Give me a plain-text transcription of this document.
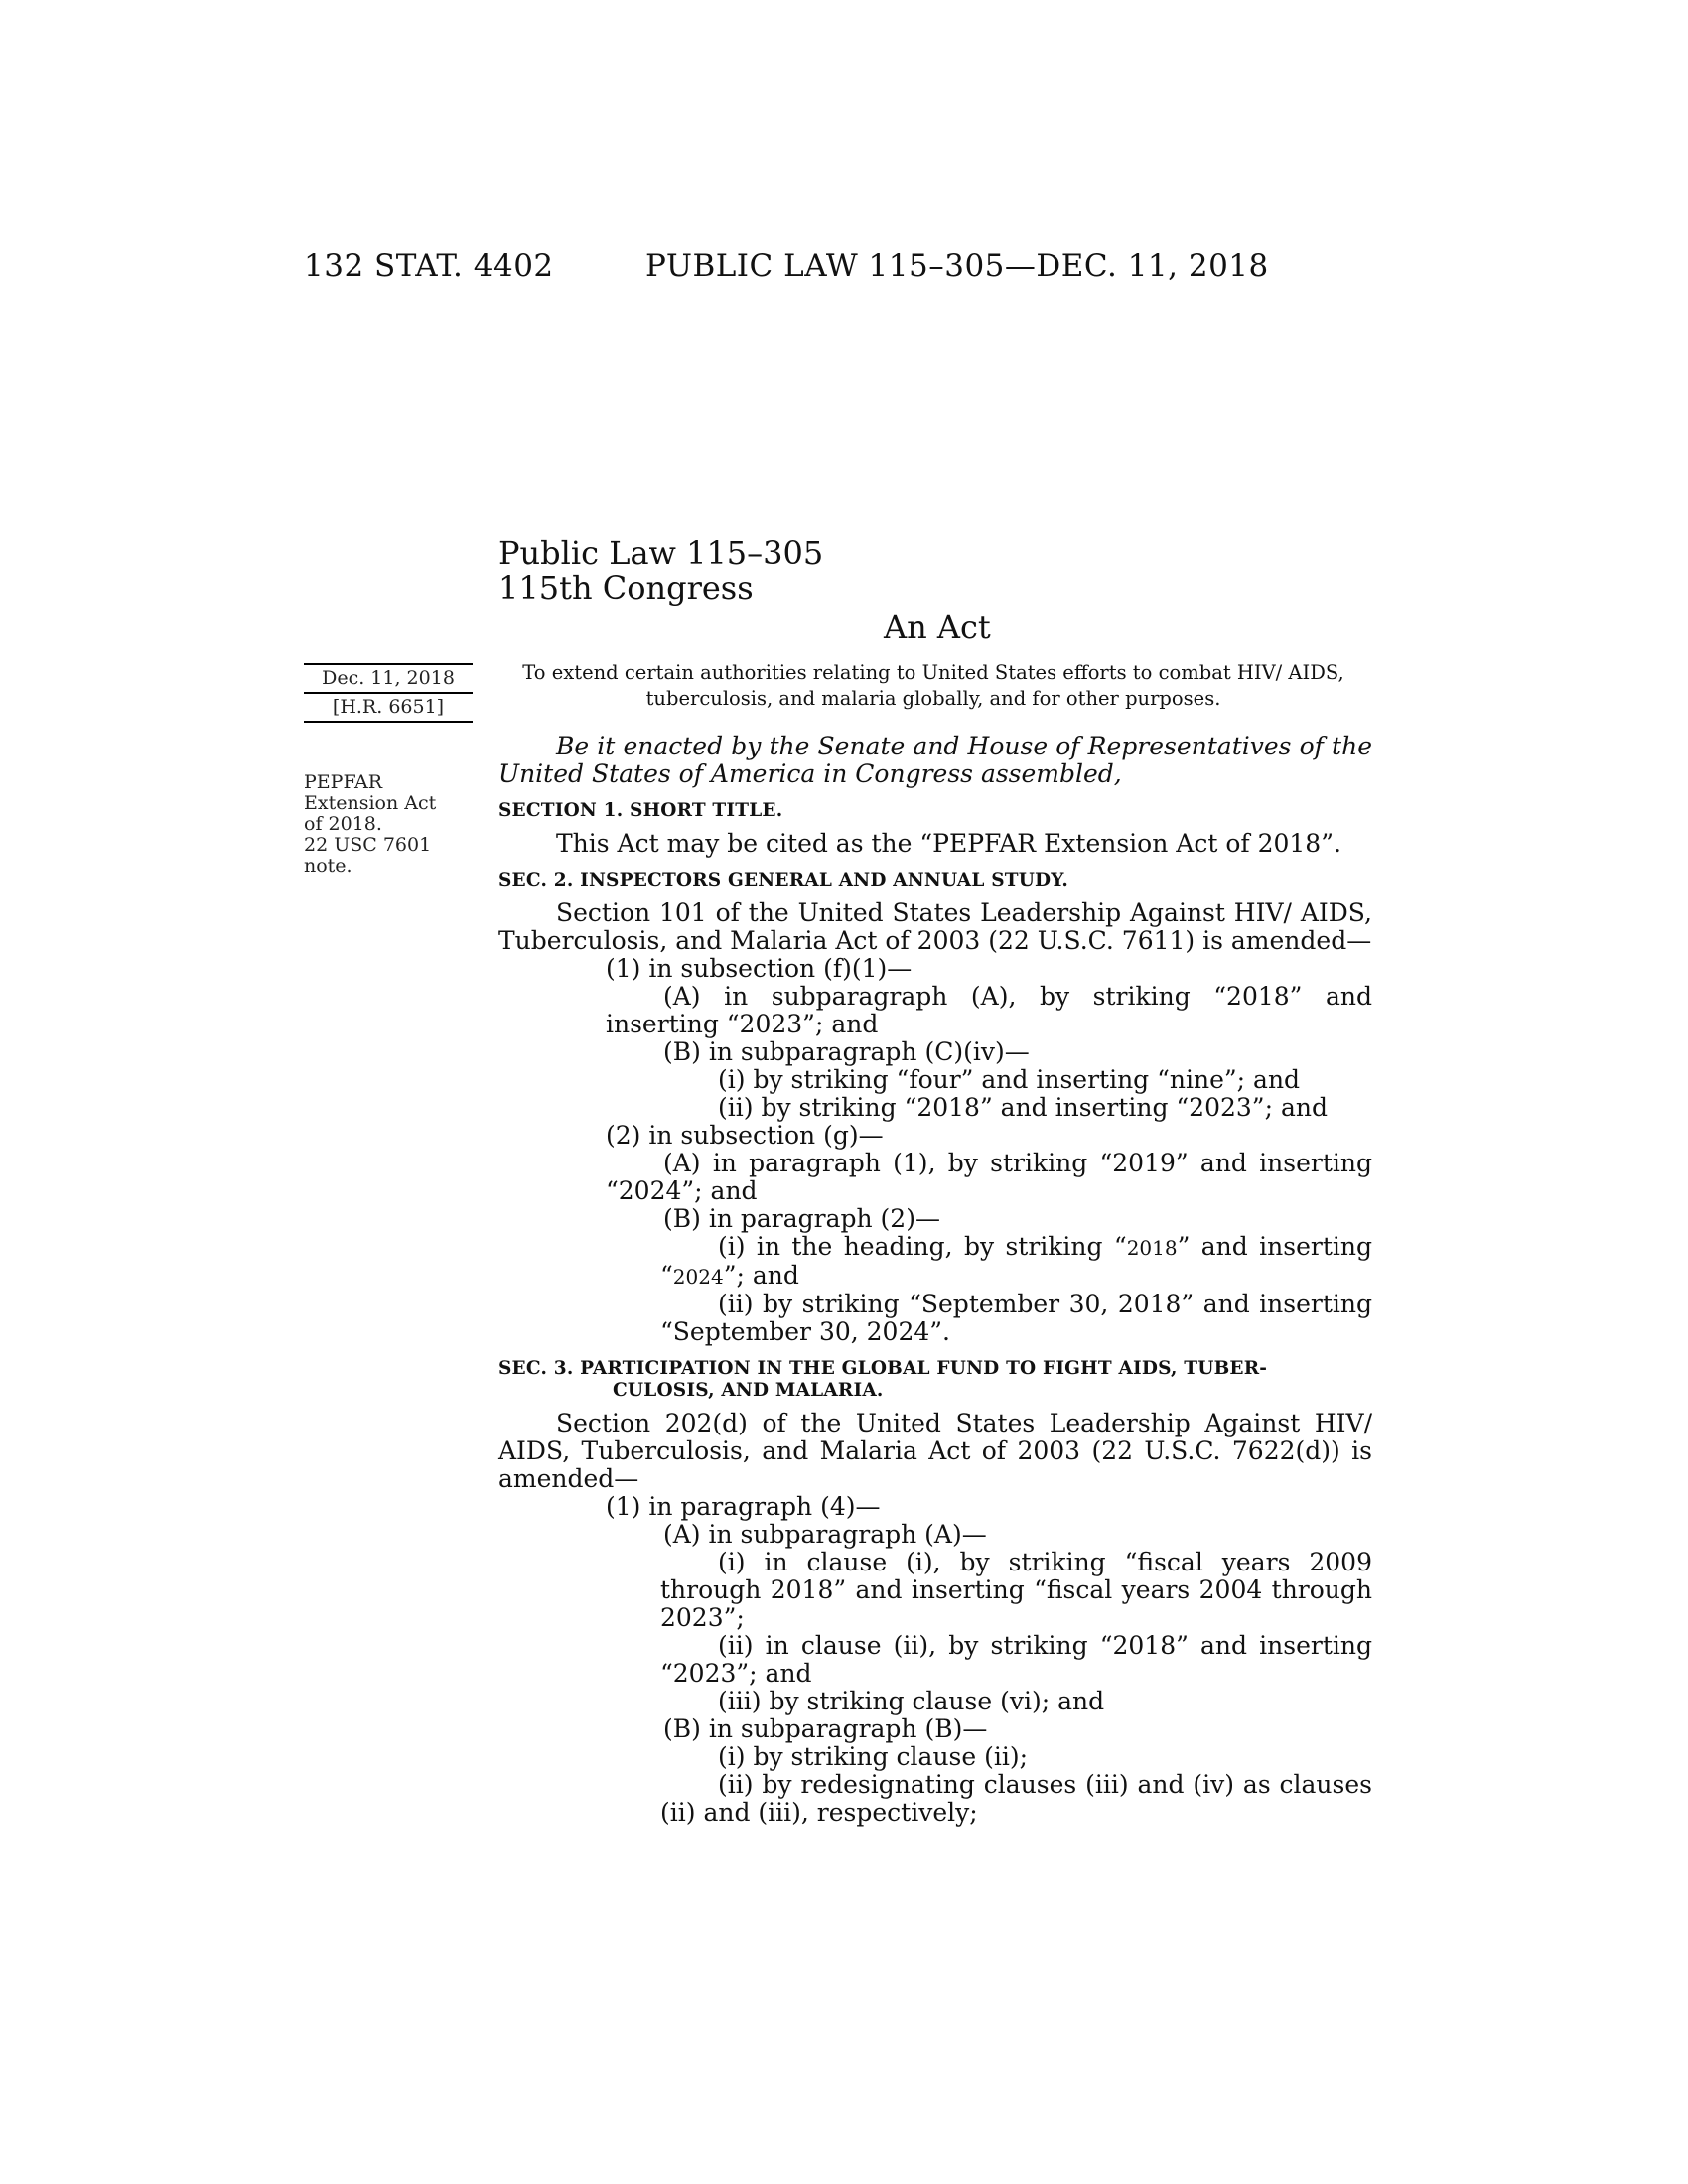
132 STAT. 4402	PUBLIC LAW 115–305—DEC. 11, 2018
Public Law 115–305
115th Congress
An Act
Dec. 11, 2018
[H.R. 6651]
PEPFAR
Extension Act
of 2018.
22 USC 7601
note.
To extend certain authorities relating to United States efforts to combat HIV/ AIDS, tuberculosis, and malaria globally, and for other purposes.

Be it enacted by the Senate and House of Representatives of the United States of America in Congress assembled,

SECTION 1. SHORT TITLE.

This Act may be cited as the “PEPFAR Extension Act of 2018”.

SEC. 2. INSPECTORS GENERAL AND ANNUAL STUDY.

Section 101 of the United States Leadership Against HIV/ AIDS, Tuberculosis, and Malaria Act of 2003 (22 U.S.C. 7611) is amended—

(1) in subsection (f)(1)—

(A) in subparagraph (A), by striking “2018” and inserting “2023”; and

(B) in subparagraph (C)(iv)—

(i) by striking “four” and inserting “nine”; and

(ii) by striking “2018” and inserting “2023”; and

(2) in subsection (g)—

(A) in paragraph (1), by striking “2019” and inserting “2024”; and

(B) in paragraph (2)—

(i) in the heading, by striking “2018” and inserting “2024”; and

(ii) by striking “September 30, 2018” and inserting “September 30, 2024”.

SEC. 3. PARTICIPATION IN THE GLOBAL FUND TO FIGHT AIDS, TUBER-
CULOSIS, AND MALARIA.

Section 202(d) of the United States Leadership Against HIV/ AIDS, Tuberculosis, and Malaria Act of 2003 (22 U.S.C. 7622(d)) is amended—

(1) in paragraph (4)—

(A) in subparagraph (A)—

(i) in clause (i), by striking “fiscal years 2009 through 2018” and inserting “fiscal years 2004 through 2023”;

(ii) in clause (ii), by striking “2018” and inserting “2023”; and

(iii) by striking clause (vi); and

(B) in subparagraph (B)—

(i) by striking clause (ii);

(ii) by redesignating clauses (iii) and (iv) as clauses (ii) and (iii), respectively;
